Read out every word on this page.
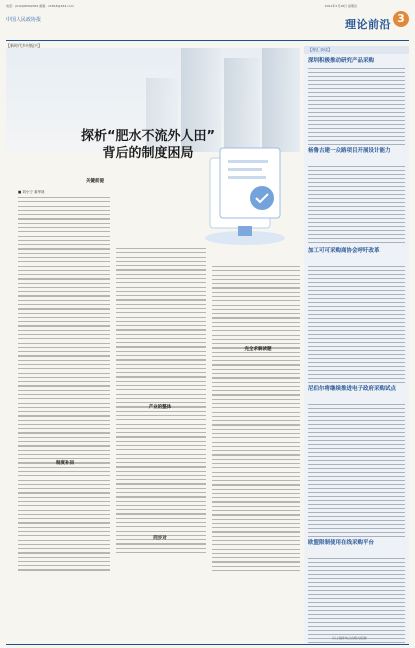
电话：(010)68392052 邮箱：zhlt18@163.com
中国人民政协报
2021年2月18日 星期四
理论前沿 3
【新时代乡村振兴】
探析“肥水不流外人田”
背后的制度困局
关键前提
■ 刘小宁 姜华妹
制度补回
产业的整体
同步对
完全求解读题
【智汇杂谈】
深圳积极推动研究产品采购
杨鲁古建一众路项目开展设计能力
加工可可采购商协会呼吁改革
尼伯尔将继续推进电子政府采购试点
欧盟限制使用在线采购平台
（以上稿件综合自相关报道）
